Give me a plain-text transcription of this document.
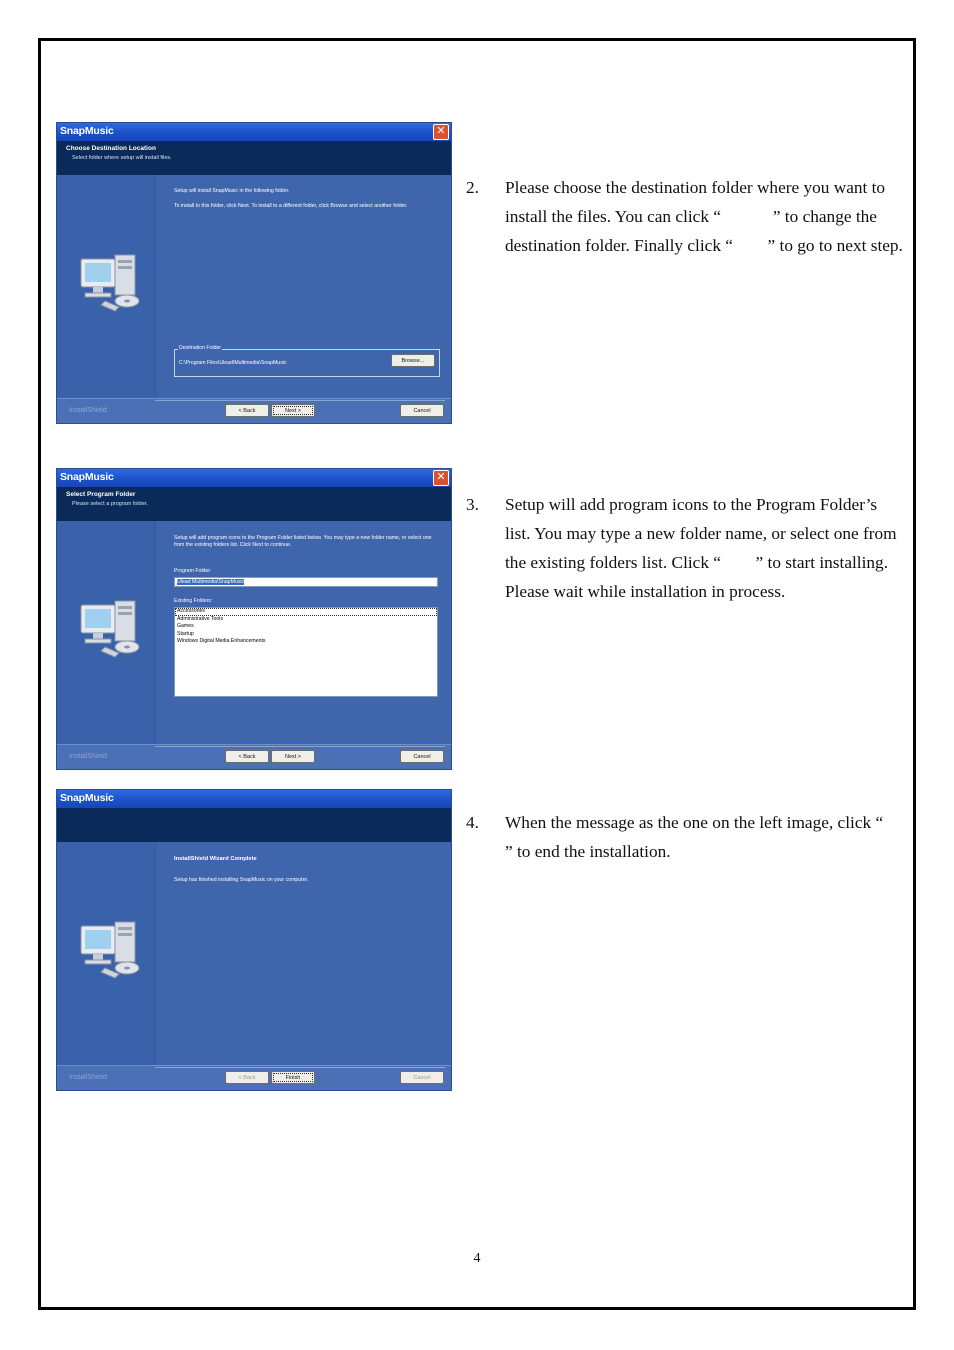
SnapMusic	✕
Choose Destination Location
Select folder where setup will install files.
Setup will install SnapMusic in the following folder.
To install to this folder, click Next. To install to a different folder, click Browse and select another folder.
C:\Program Files\Ulead\Multimedia\SnapMusic	Browse...
Destination Folder
InstallShield	< Back	Next >	Cancel
SnapMusic	✕
Select Program Folder
Please select a program folder.
Setup will add program icons to the Program Folder listed below. You may type a new folder name, or select one from the existing folders list. Click Next to continue.
Program Folder:
Ulead Multimedia\SnapMusic
Existing Folders:
Accessories
Administrative Tools
Games
Startup
Windows Digital Media Enhancements
InstallShield	< Back	Next >	Cancel
SnapMusic
InstallShield Wizard Complete
Setup has finished installing SnapMusic on your computer.
InstallShield	< Back	Finish	Cancel
2. Please choose the destination folder where you want to install the files. You can click “            ” to change the destination folder. Finally click “        ” to go to next step.
3. Setup will add program icons to the Program Folder’s list. You may type a new folder name, or select one from the existing folders list. Click “        ” to start installing. Please wait while installation in process.
4. When the message as the one on the left image, click “           ” to end the installation.
4
